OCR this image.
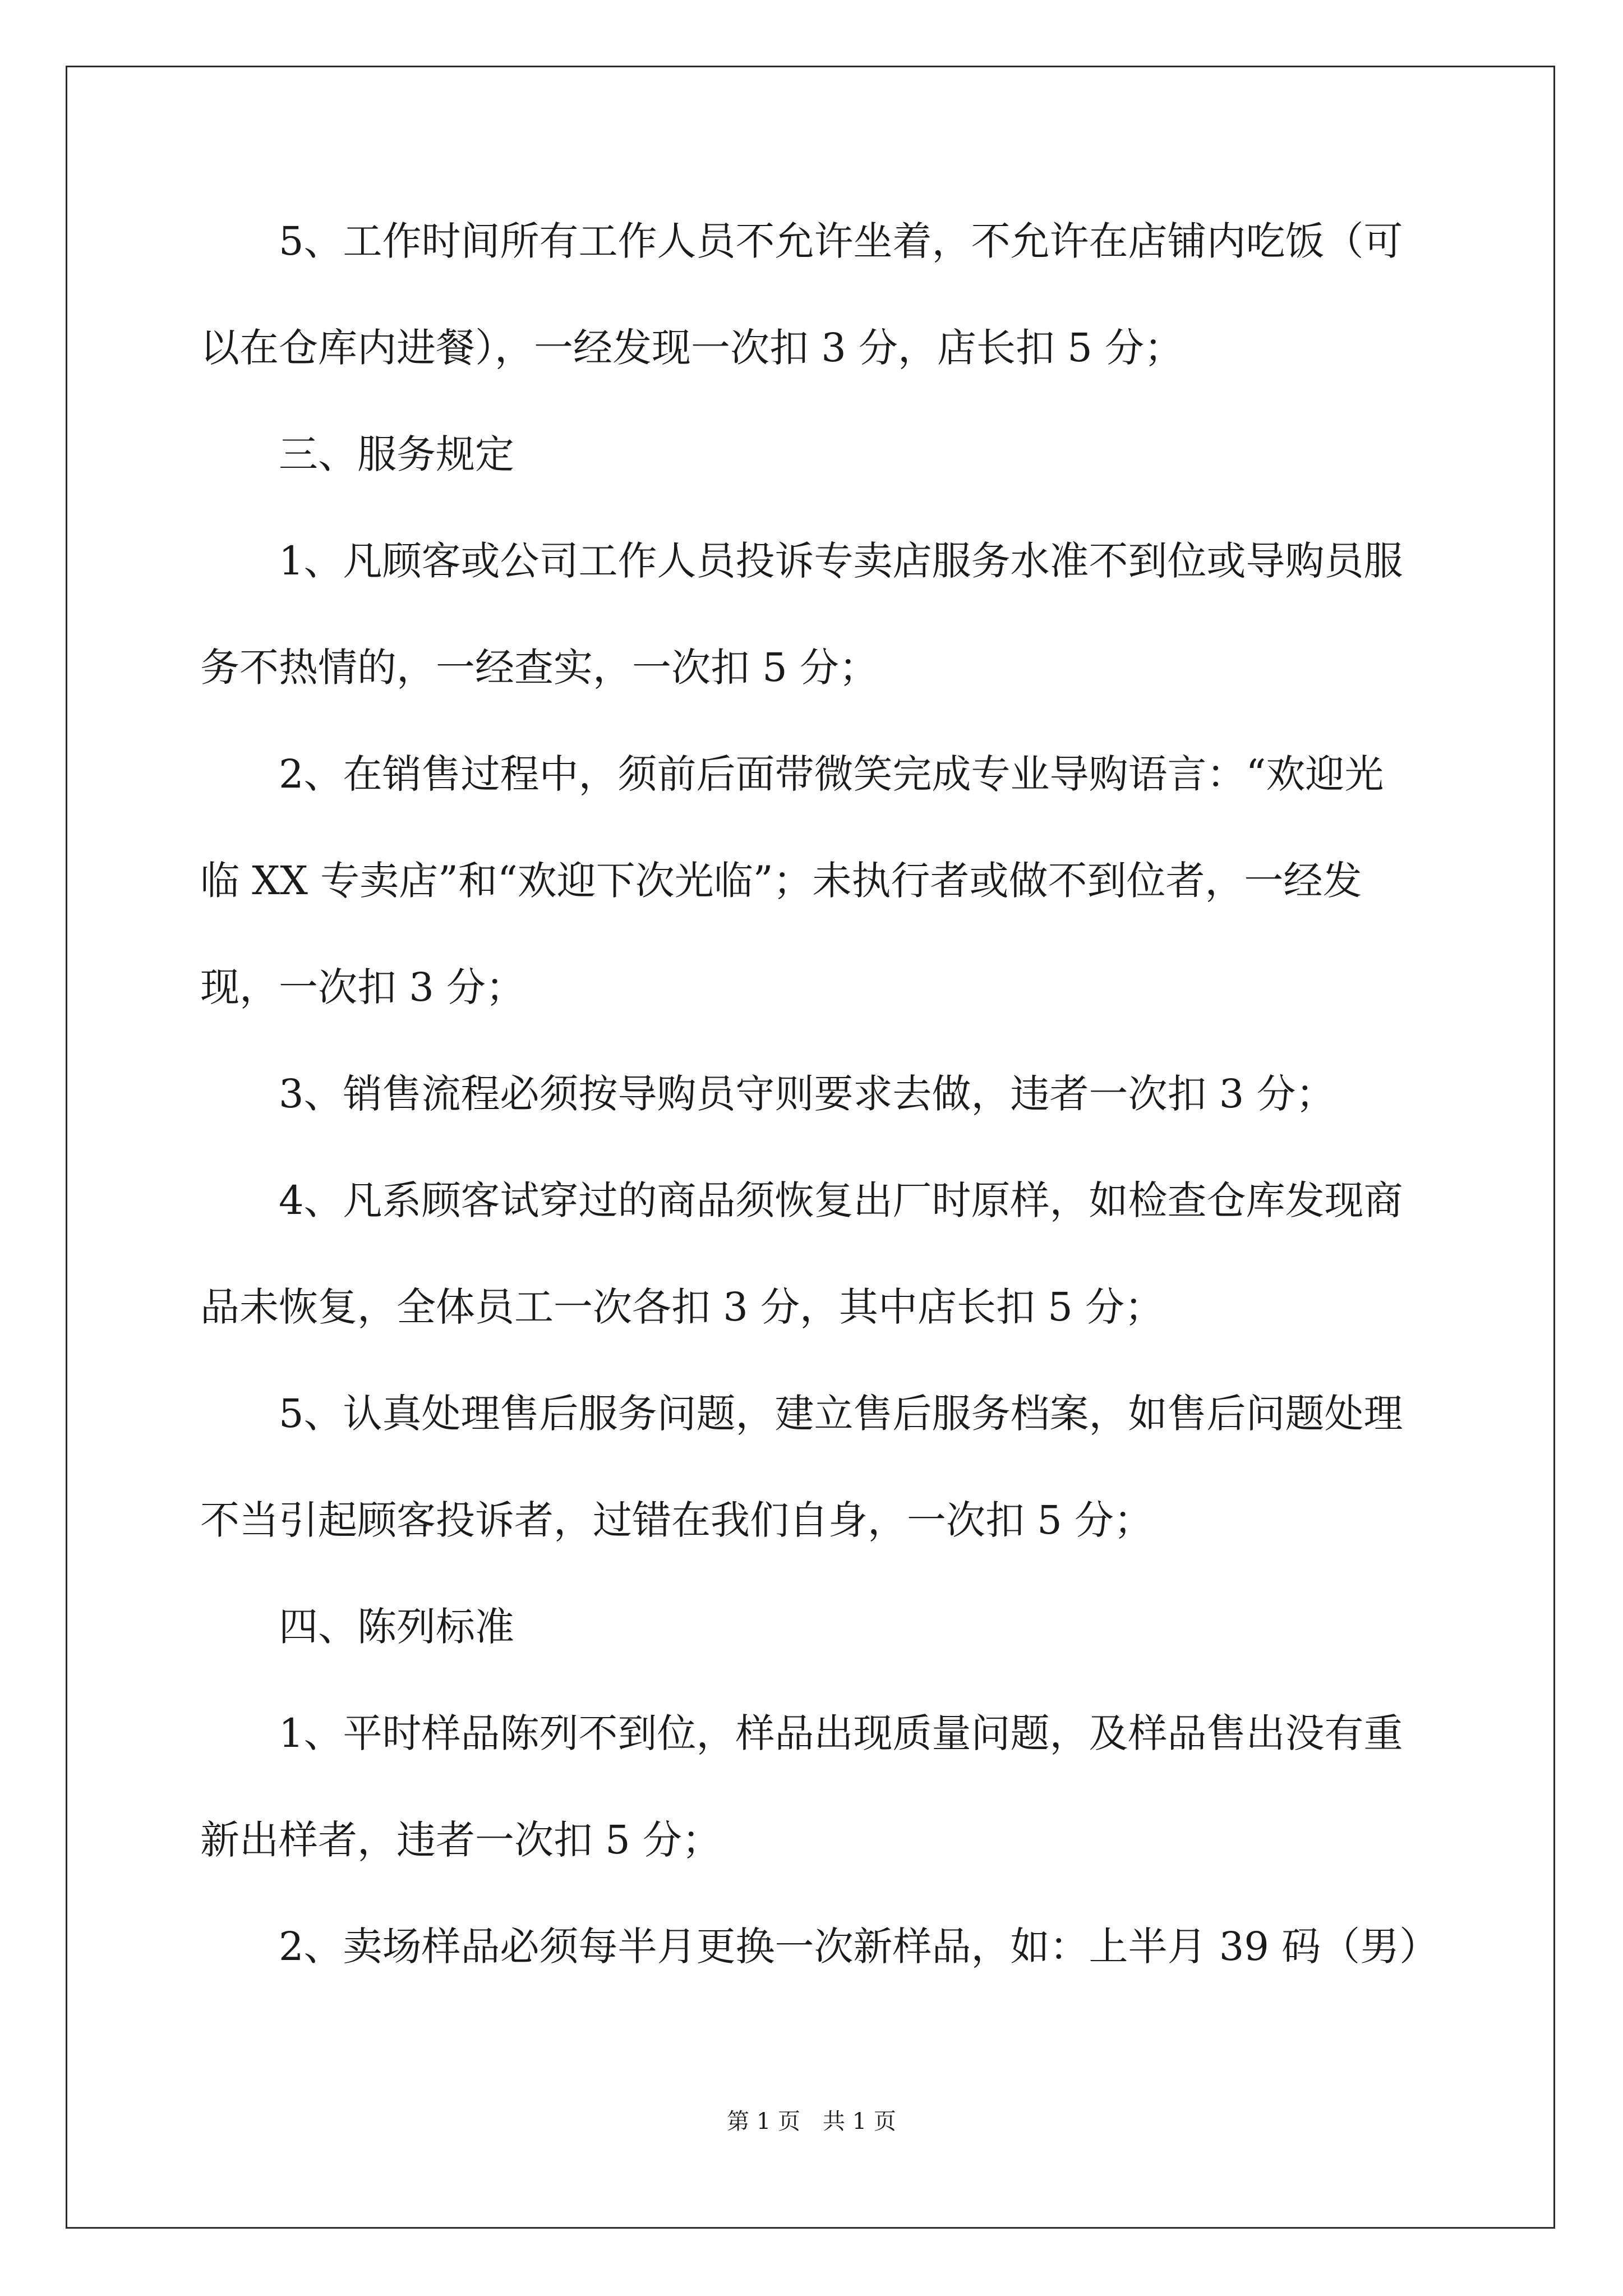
5、工作时间所有工作人员不允许坐着，不允许在店铺内吃饭（可
以在仓库内进餐），一经发现一次扣 3 分，店长扣 5 分；
三、服务规定
1、凡顾客或公司工作人员投诉专卖店服务水准不到位或导购员服
务不热情的，一经查实，一次扣 5 分；
2、在销售过程中，须前后面带微笑完成专业导购语言：“欢迎光
临 XX 专卖店”和“欢迎下次光临”；未执行者或做不到位者，一经发
现，一次扣 3 分；
3、销售流程必须按导购员守则要求去做，违者一次扣 3 分；
4、凡系顾客试穿过的商品须恢复出厂时原样，如检查仓库发现商
品未恢复，全体员工一次各扣 3 分，其中店长扣 5 分；
5、认真处理售后服务问题，建立售后服务档案，如售后问题处理
不当引起顾客投诉者，过错在我们自身，一次扣 5 分；
四、陈列标准
1、平时样品陈列不到位，样品出现质量问题，及样品售出没有重
新出样者，违者一次扣 5 分；
2、卖场样品必须每半月更换一次新样品，如：上半月 39 码（男）
第 1 页　共 1 页
